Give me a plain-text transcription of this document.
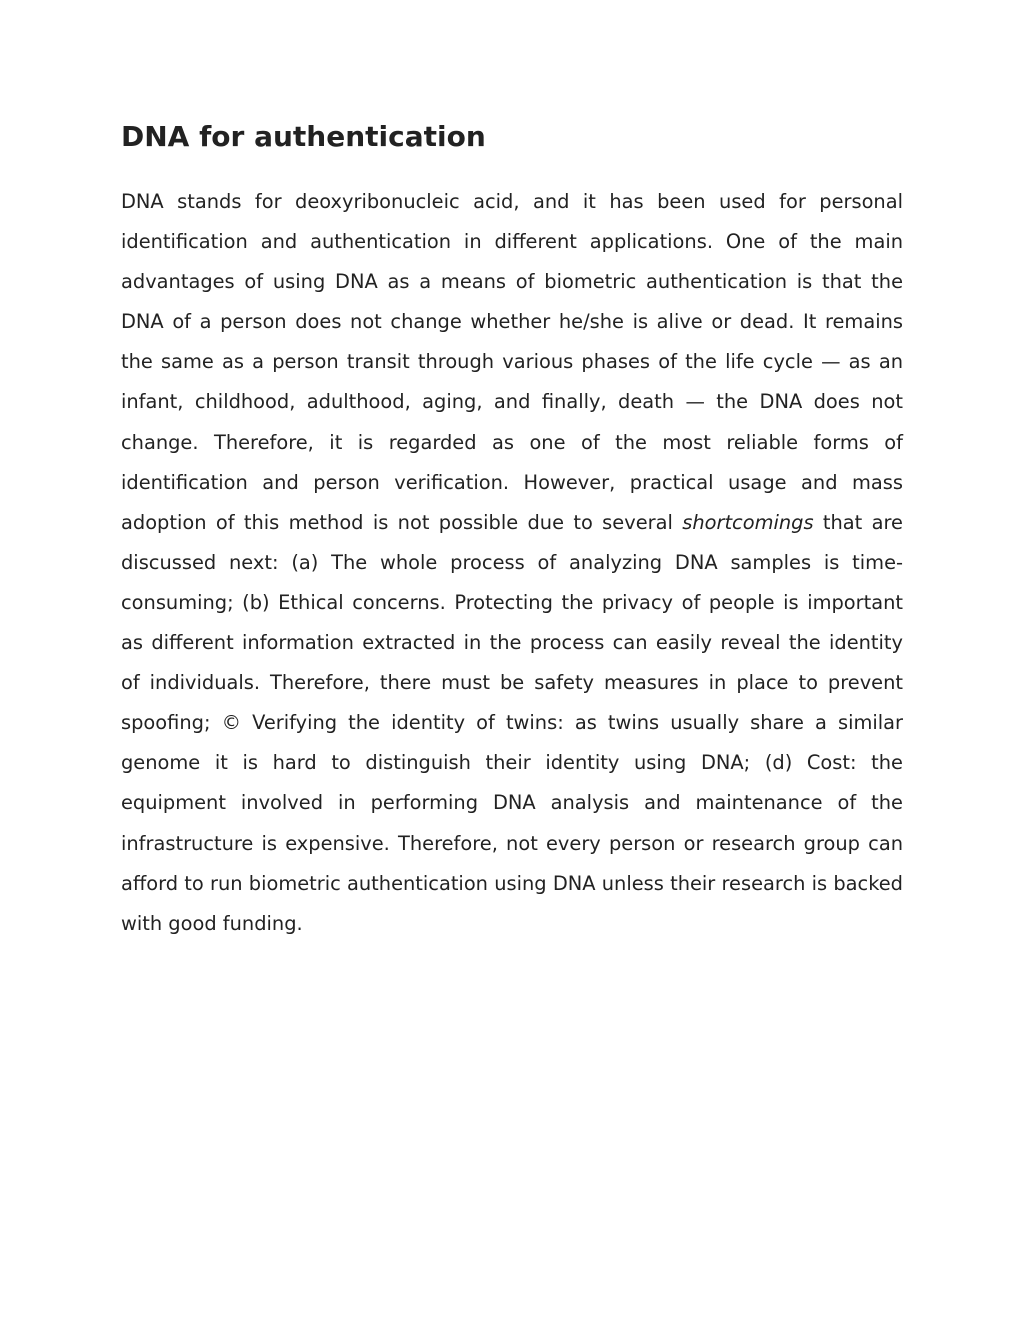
DNA for authentication

DNA stands for deoxyribonucleic acid, and it has been used for personal identification and authentication in different applications. One of the main advantages of using DNA as a means of biometric authentication is that the DNA of a person does not change whether he/she is alive or dead. It remains the same as a person transit through various phases of the life cycle — as an infant, childhood, adulthood, aging, and finally, death — the DNA does not change. Therefore, it is regarded as one of the most reliable forms of identification and person verification. However, practical usage and mass adoption of this method is not possible due to several shortcomings that are discussed next: (a) The whole process of analyzing DNA samples is time-consuming; (b) Ethical concerns. Protecting the privacy of people is important as different information extracted in the process can easily reveal the identity of individuals. Therefore, there must be safety measures in place to prevent spoofing; © Verifying the identity of twins: as twins usually share a similar genome it is hard to distinguish their identity using DNA; (d) Cost: the equipment involved in performing DNA analysis and maintenance of the infrastructure is expensive. Therefore, not every person or research group can afford to run biometric authentication using DNA unless their research is backed with good funding.
